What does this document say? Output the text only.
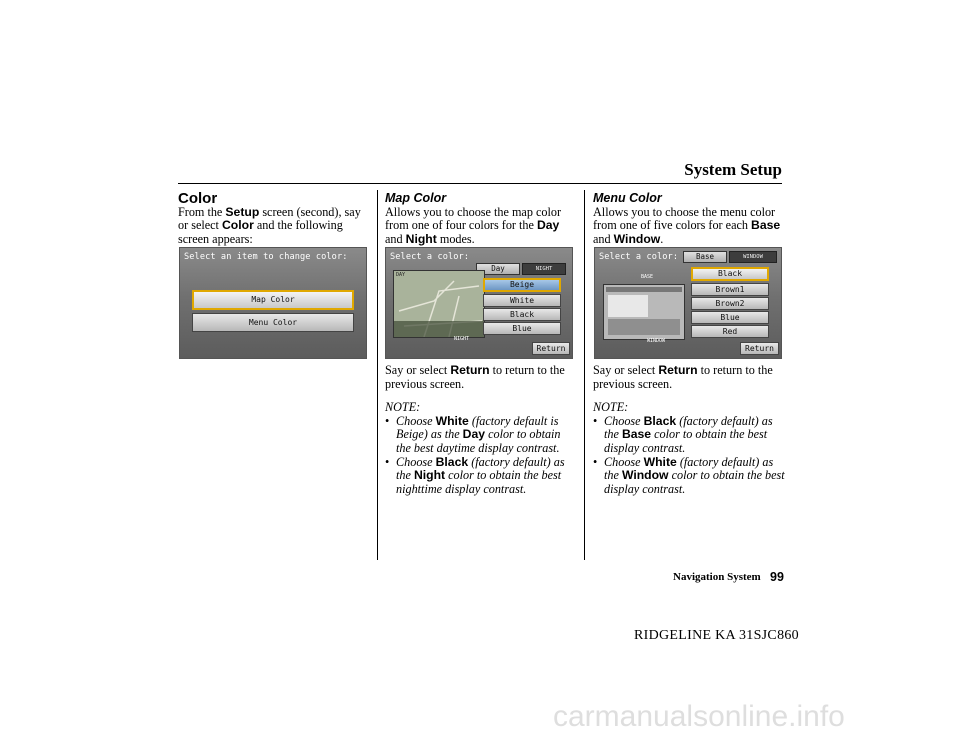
System Setup

Color

From the Setup screen (second), say or select Color and the following screen appears:

Select an item to change color:
Map Color
Menu Color

Map Color

Allows you to choose the map color from one of four colors for the Day and Night modes.

Select a color:
Day	NIGHT
DAY
NIGHT
Beige
White
Black
Blue
Return

Say or select Return to return to the previous screen.

NOTE:

• Choose White (factory default is Beige) as the Day color to obtain the best daytime display contrast.

• Choose Black (factory default) as the Night color to obtain the best nighttime display contrast.

Menu Color

Allows you to choose the menu color from one of five colors for each Base and Window.

Select a color:	Base	WINDOW
BASE
WINDOW
Black
Brown1
Brown2
Blue
Red
Return

Say or select Return to return to the previous screen.

NOTE:

• Choose Black (factory default) as the Base color to obtain the best display contrast.

• Choose White (factory default) as the Window color to obtain the best display contrast.

Navigation System 99
RIDGELINE KA 31SJC860
carmanualsonline.info
